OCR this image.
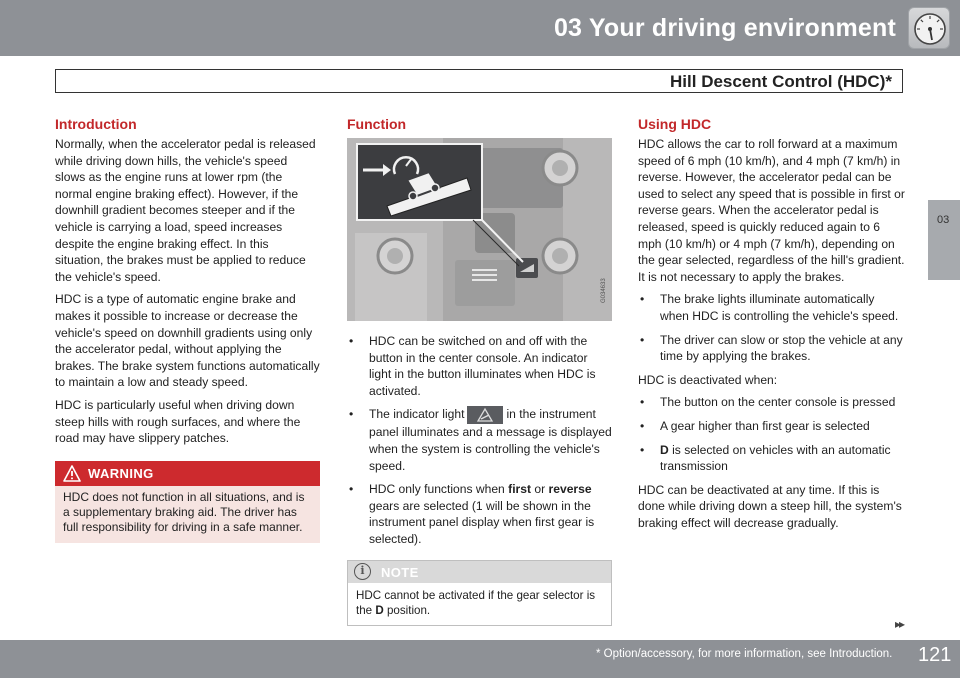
03 Your driving environment
Hill Descent Control (HDC)*
03
Introduction

Normally, when the accelerator pedal is released while driving down hills, the vehicle's speed slows as the engine runs at lower rpm (the normal engine braking effect). However, if the downhill gradient becomes steeper and if the vehicle is carrying a load, speed increases despite the engine braking effect. In this situation, the brakes must be applied to reduce the vehicle's speed.

HDC is a type of automatic engine brake and makes it possible to increase or decrease the vehicle's speed on downhill gradients using only the accelerator pedal, without applying the brakes. The brake system functions automatically to maintain a low and steady speed.

HDC is particularly useful when driving down steep hills with rough surfaces, and where the road may have slippery patches.

WARNING
HDC does not function in all situations, and is a supplementary braking aid. The driver has full responsibility for driving in a safe manner.
Function
G034633
• HDC can be switched on and off with the button in the center console. An indicator light in the button illuminates when HDC is activated.
• The indicator light	in the instrument panel illuminates and a message is displayed when the system is controlling the vehicle's speed.
• HDC only functions when first or reverse gears are selected (1 will be shown in the instrument panel display when first gear is selected).
i	NOTE
HDC cannot be activated if the gear selector is the D position.
Using HDC

HDC allows the car to roll forward at a maximum speed of 6 mph (10 km/h), and 4 mph (7 km/h) in reverse. However, the accelerator pedal can be used to select any speed that is possible in first or reverse gears. When the accelerator pedal is released, speed is quickly reduced again to 6 mph (10 km/h) or 4 mph (7 km/h), depending on the gear selected, regardless of the hill's gradient. It is not necessary to apply the brakes.

• The brake lights illuminate automatically when HDC is controlling the vehicle's speed.
• The driver can slow or stop the vehicle at any time by applying the brakes.

HDC is deactivated when:

• The button on the center console is pressed
• A gear higher than first gear is selected
• D is selected on vehicles with an automatic transmission

HDC can be deactivated at any time. If this is done while driving down a steep hill, the system's braking effect will decrease gradually.

▸▸
* Option/accessory, for more information, see Introduction. 121
